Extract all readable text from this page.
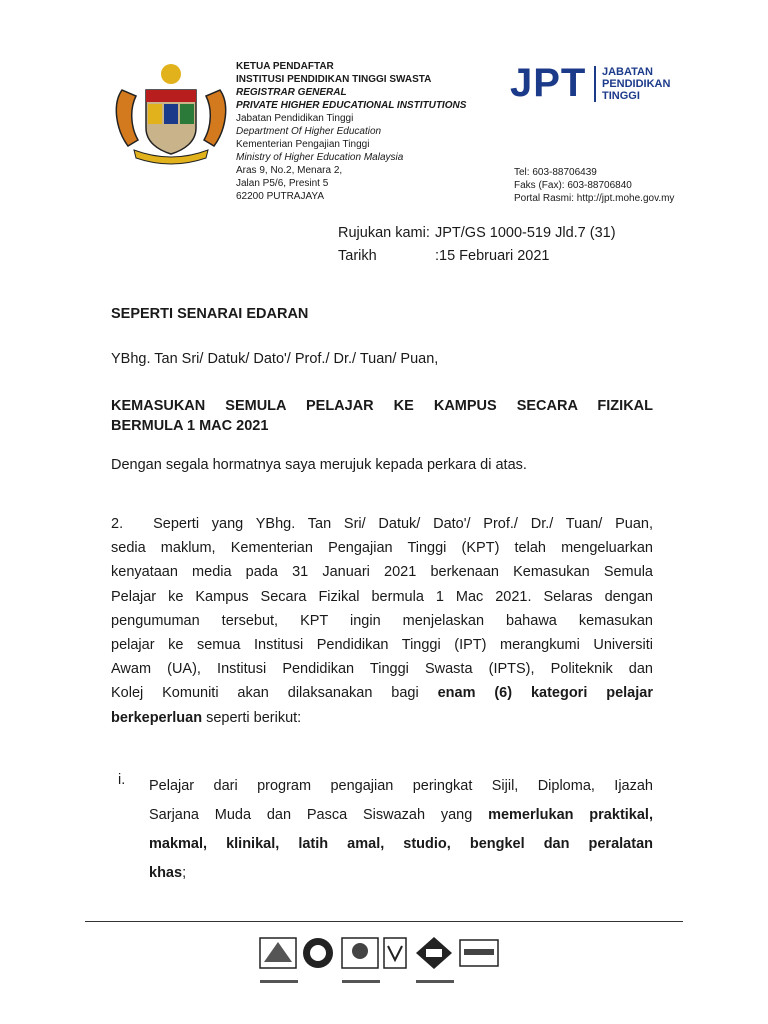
KETUA PENDAFTAR
INSTITUSI PENDIDIKAN TINGGI SWASTA
REGISTRAR GENERAL
PRIVATE HIGHER EDUCATIONAL INSTITUTIONS
Jabatan Pendidikan Tinggi
Department Of Higher Education
Kementerian Pengajian Tinggi
Ministry of Higher Education Malaysia
Aras 9, No.2, Menara 2,
Jalan P5/6, Presint 5
62200 PUTRAJAYA
JPT JABATAN
PENDIDIKAN
TINGGI
Tel: 603-88706439
Faks (Fax): 603-88706840
Portal Rasmi: http://jpt.mohe.gov.my
Rujukan kami: JPT/GS 1000-519 Jld.7 (31)
Tarikh	:15 Februari 2021
SEPERTI SENARAI EDARAN
YBhg. Tan Sri/ Datuk/ Dato'/ Prof./ Dr./ Tuan/ Puan,
KEMASUKAN SEMULA PELAJAR KE KAMPUS SECARA FIZIKAL
BERMULA 1 MAC 2021
Dengan segala hormatnya saya merujuk kepada perkara di atas.
2. Seperti yang YBhg. Tan Sri/ Datuk/ Dato'/ Prof./ Dr./ Tuan/ Puan,
sedia maklum, Kementerian Pengajian Tinggi (KPT) telah mengeluarkan
kenyataan media pada 31 Januari 2021 berkenaan Kemasukan Semula
Pelajar ke Kampus Secara Fizikal bermula 1 Mac 2021. Selaras dengan
pengumuman tersebut, KPT ingin menjelaskan bahawa kemasukan
pelajar ke semua Institusi Pendidikan Tinggi (IPT) merangkumi Universiti
Awam (UA), Institusi Pendidikan Tinggi Swasta (IPTS), Politeknik dan
Kolej Komuniti akan dilaksanakan bagi enam (6) kategori pelajar
berkeperluan seperti berikut:
i. Pelajar dari program pengajian peringkat Sijil, Diploma, Ijazah
Sarjana Muda dan Pasca Siswazah yang memerlukan praktikal,
makmal, klinikal, latih amal, studio, bengkel dan peralatan
khas;
